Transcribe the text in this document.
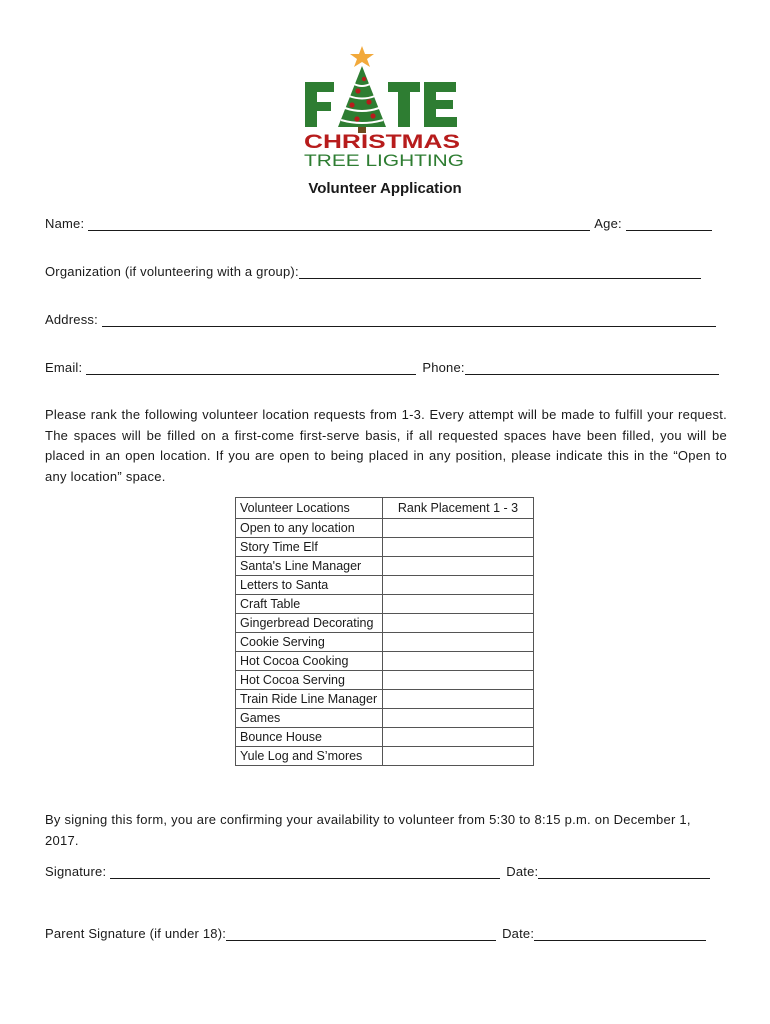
CHRISTMAS
TREE LIGHTING
Volunteer Application
Name:	Age:
Organization (if volunteering with a group):
Address:
Email:	Phone:
Please rank the following volunteer location requests from 1-3. Every attempt will be made to fulfill your request. The spaces will be filled on a first-come first-serve basis, if all requested spaces have been filled, you will be placed in an open location. If you are open to being placed in any position, please indicate this in the “Open to any location” space.
Volunteer Locations	Rank Placement 1 - 3
Open to any location	
Story Time Elf	
Santa's Line Manager	
Letters to Santa	
Craft Table	
Gingerbread Decorating	
Cookie Serving	
Hot Cocoa Cooking	
Hot Cocoa Serving	
Train Ride Line Manager	
Games	
Bounce House	
Yule Log and S’mores	
By signing this form, you are confirming your availability to volunteer from 5:30 to 8:15 p.m. on December 1, 2017.
Signature:	Date:
Parent Signature (if under 18):	Date:
